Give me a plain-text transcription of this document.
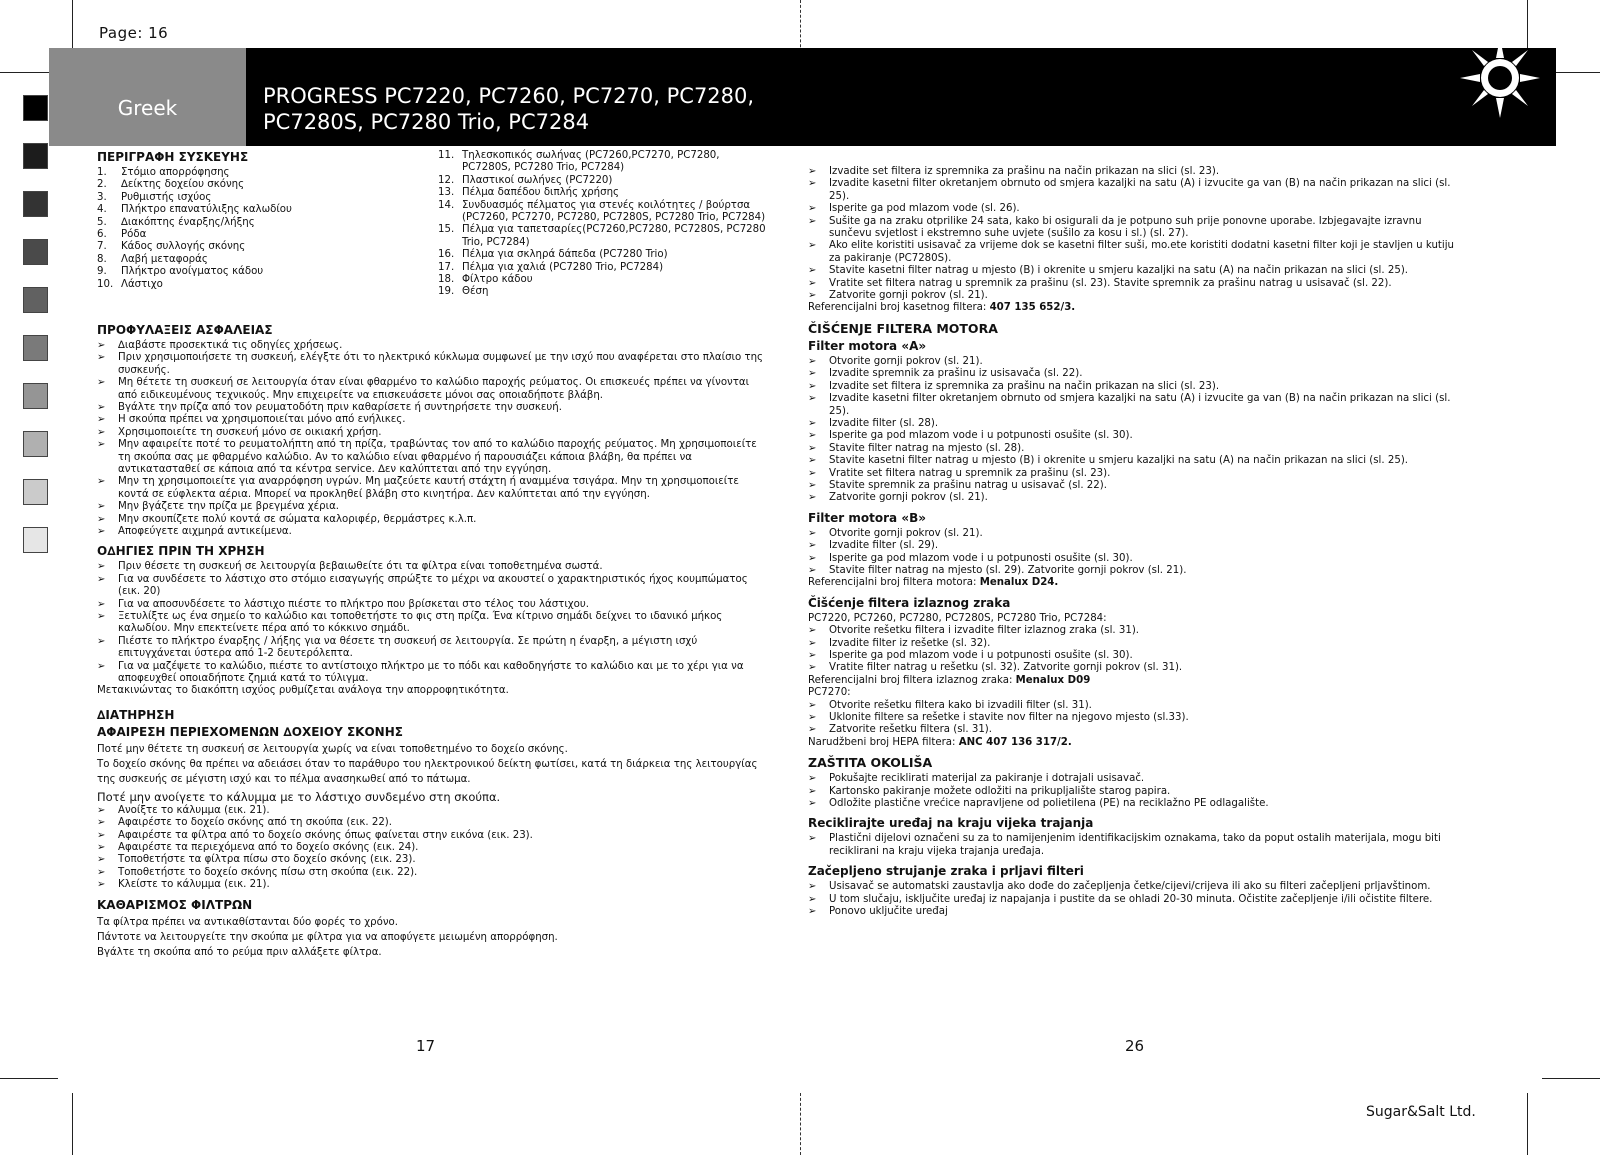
Page: 16
Greek	PROGRESS PC7220, PC7260, PC7270, PC7280,
PC7280S, PC7280 Trio, PC7284
ΠΕΡΙΓΡΑΦΗ ΣΥΣΚΕΥΗΣ
1. Στόμιο απορρόφησης
2. ∆είκτης δοχείου σκόνης
3. Ρυθμιστής ισχύος
4. Πλήκτρο επανατύλιξης καλωδίου
5. ∆ιακόπτης έναρξης/λήξης
6. Ρόδα
7. Κάδος συλλογής σκόνης
8. Λαβή μεταφοράς
9. Πλήκτρο ανοίγματος κάδου
10. Λάστιχο
11. Τηλεσκοπικός σωλήνας (PC7260,PC7270, PC7280, PC7280S, PC7280 Trio, PC7284)
12. Πλαστικοί σωλήνες (PC7220)
13. Πέλμα δαπέδου διπλής χρήσης
14. Συνδυασμός πέλματος για στενές κοιλότητες / βούρτσα (PC7260, PC7270, PC7280, PC7280S, PC7280 Trio, PC7284)
15. Πέλμα για ταπετσαρίες(PC7260,PC7280, PC7280S, PC7280 Trio, PC7284)
16. Πέλμα για σκληρά δάπεδα (PC7280 Trio)
17. Πέλμα για χαλιά (PC7280 Trio, PC7284)
18. Φίλτρο κάδου
19. Θέση
ΠΡΟΦΥΛΑΞΕΙΣ ΑΣΦΑΛΕΙΑΣ
➢ ∆ιαβάστε προσεκτικά τις οδηγίες χρήσεως.
➢ Πριν χρησιμοποιήσετε τη συσκευή, ελέγξτε ότι το ηλεκτρικό κύκλωμα συμφωνεί με την ισχύ που αναφέρεται στο πλαίσιο της συσκευής.
➢ Μη θέτετε τη συσκευή σε λειτουργία όταν είναι φθαρμένο το καλώδιο παροχής ρεύματος. Οι επισκευές πρέπει να γίνονται από ειδικευμένους τεχνικούς. Μην επιχειρείτε να επισκευάσετε μόνοι σας οποιαδήποτε βλάβη.
➢ Βγάλτε την πρίζα από τον ρευματοδότη πριν καθαρίσετε ή συντηρήσετε την συσκευή.
➢ Η σκούπα πρέπει να χρησιμοποιείται μόνο από ενήλικες.
➢ Χρησιμοποιείτε τη συσκευή μόνο σε οικιακή χρήση.
➢ Μην αφαιρείτε ποτέ το ρευματολήπτη από τη πρίζα, τραβώντας τον από το καλώδιο παροχής ρεύματος. Μη χρησιμοποιείτε τη σκούπα σας με φθαρμένο καλώδιο. Αν το καλώδιο είναι φθαρμένο ή παρουσιάζει κάποια βλάβη, θα πρέπει να αντικατασταθεί σε κάποια από τα κέντρα service. ∆εν καλύπτεται από την εγγύηση.
➢ Μην τη χρησιμοποιείτε για αναρρόφηση υγρών. Μη μαζεύετε καυτή στάχτη ή αναμμένα τσιγάρα. Μην τη χρησιμοποιείτε κοντά σε εύφλεκτα αέρια. Μπορεί να προκληθεί βλάβη στο κινητήρα. ∆εν καλύπτεται από την εγγύηση.
➢ Μην βγάζετε την πρίζα με βρεγμένα χέρια.
➢ Μην σκουπίζετε πολύ κοντά σε σώματα καλοριφέρ, θερμάστρες κ.λ.π.
➢ Αποφεύγετε αιχμηρά αντικείμενα.
Ο∆ΗΓΙΕΣ ΠΡΙΝ ΤΗ ΧΡΗΣΗ
➢ Πριν θέσετε τη συσκευή σε λειτουργία βεβαιωθείτε ότι τα φίλτρα είναι τοποθετημένα σωστά.
➢ Για να συνδέσετε το λάστιχο στο στόμιο εισαγωγής σπρώξτε το μέχρι να ακουστεί ο χαρακτηριστικός ήχος κουμπώματος (εικ. 20)
➢ Για να αποσυνδέσετε το λάστιχο πιέστε το πλήκτρο που βρίσκεται στο τέλος του λάστιχου.
➢ Ξετυλίξτε ως ένα σημείο το καλώδιο και τοποθετήστε το φις στη πρίζα. Ένα κίτρινο σημάδι δείχνει το ιδανικό μήκος καλωδίου. Μην επεκτείνετε πέρα από το κόκκινο σημάδι.
➢ Πιέστε το πλήκτρο έναρξης / λήξης για να θέσετε τη συσκευή σε λειτουργία. Σε πρώτη η έναρξη, a μέγιστη ισχύ επιτυγχάνεται ύστερα από 1-2 δευτερόλεπτα.
➢ Για να μαζέψετε το καλώδιο, πιέστε το αντίστοιχο πλήκτρο με το πόδι και καθοδηγήστε το καλώδιο και με το χέρι για να αποφευχθεί οποιαδήποτε ζημιά κατά το τύλιγμα.

Μετακινώντας το διακόπτη ισχύος ρυθμίζεται ανάλογα την απορροφητικότητα.

∆ΙΑΤΗΡΗΣΗ
ΑΦΑΙΡΕΣΗ ΠΕΡΙΕΧΟΜΕΝΩΝ ∆ΟΧΕΙΟΥ ΣΚΟΝΗΣ

Ποτέ μην θέτετε τη συσκευή σε λειτουργία χωρίς να είναι τοποθετημένο το δοχείο σκόνης.

Το δοχείο σκόνης θα πρέπει να αδειάσει όταν το παράθυρο του ηλεκτρονικού δείκτη φωτίσει, κατά τη διάρκεια της λειτουργίας της συσκευής σε μέγιστη ισχύ και το πέλμα ανασηκωθεί από το πάτωμα.

Ποτέ μην ανοίγετε το κάλυμμα με το λάστιχο συνδεμένο στη σκούπα.

➢ Ανοίξτε το κάλυμμα (εικ. 21).
➢ Αφαιρέστε το δοχείο σκόνης από τη σκούπα (εικ. 22).
➢ Αφαιρέστε τα φίλτρα από το δοχείο σκόνης όπως φαίνεται στην εικόνα (εικ. 23).
➢ Αφαιρέστε τα περιεχόμενα από το δοχείο σκόνης (εικ. 24).
➢ Τοποθετήστε τα φίλτρα πίσω στο δοχείο σκόνης (εικ. 23).
➢ Τοποθετήστε το δοχείο σκόνης πίσω στη σκούπα (εικ. 22).
➢ Κλείστε το κάλυμμα (εικ. 21).
ΚΑΘΑΡΙΣΜΟΣ ΦΙΛΤΡΩΝ

Τα φίλτρα πρέπει να αντικαθίστανται δύο φορές το χρόνο.

Πάντοτε να λειτουργείτε την σκούπα με φίλτρα για να αποφύγετε μειωμένη απορρόφηση.

Βγάλτε τη σκούπα από το ρεύμα πριν αλλάξετε φίλτρα.

➢ Izvadite set filtera iz spremnika za prašinu na način prikazan na slici (sl. 23).
➢ Izvadite kasetni filter okretanjem obrnuto od smjera kazaljki na satu (A) i izvucite ga van (B) na način prikazan na slici (sl. 25).
➢ Isperite ga pod mlazom vode (sl. 26).
➢ Sušite ga na zraku otprilike 24 sata, kako bi osigurali da je potpuno suh prije ponovne uporabe. Izbjegavajte izravnu sunčevu svjetlost i ekstremno suhe uvjete (sušilo za kosu i sl.) (sl. 27).
➢ Ako elite koristiti usisavač za vrijeme dok se kasetni filter suši, mo.ete koristiti dodatni kasetni filter koji je stavljen u kutiju za pakiranje (PC7280S).
➢ Stavite kasetni filter natrag u mjesto (B) i okrenite u smjeru kazaljki na satu (A) na način prikazan na slici (sl. 25).
➢ Vratite set filtera natrag u spremnik za prašinu (sl. 23). Stavite spremnik za prašinu natrag u usisavač (sl. 22).
➢ Zatvorite gornji pokrov (sl. 21).

Referencijalni broj kasetnog filtera: 407 135 652/3.

ČIŠĆENJE FILTERA MOTORA
Filter motora «A»
➢ Otvorite gornji pokrov (sl. 21).
➢ Izvadite spremnik za prašinu iz usisavača (sl. 22).
➢ Izvadite set filtera iz spremnika za prašinu na način prikazan na slici (sl. 23).
➢ Izvadite kasetni filter okretanjem obrnuto od smjera kazaljki na satu (A) i izvucite ga van (B) na način prikazan na slici (sl. 25).
➢ Izvadite filter (sl. 28).
➢ Isperite ga pod mlazom vode i u potpunosti osušite (sl. 30).
➢ Stavite filter natrag na mjesto (sl. 28).
➢ Stavite kasetni filter natrag u mjesto (B) i okrenite u smjeru kazaljki na satu (A) na način prikazan na slici (sl. 25).
➢ Vratite set filtera natrag u spremnik za prašinu (sl. 23).
➢ Stavite spremnik za prašinu natrag u usisavač (sl. 22).
➢ Zatvorite gornji pokrov (sl. 21).
Filter motora «B»
➢ Otvorite gornji pokrov (sl. 21).
➢ Izvadite filter (sl. 29).
➢ Isperite ga pod mlazom vode i u potpunosti osušite (sl. 30).
➢ Stavite filter natrag na mjesto (sl. 29). Zatvorite gornji pokrov (sl. 21).

Referencijalni broj filtera motora: Menalux D24.

Čišćenje filtera izlaznog zraka

PC7220, PC7260, PC7280, PC7280S, PC7280 Trio, PC7284:

➢ Otvorite rešetku filtera i izvadite filter izlaznog zraka (sl. 31).
➢ Izvadite filter iz rešetke (sl. 32).
➢ Isperite ga pod mlazom vode i u potpunosti osušite (sl. 30).
➢ Vratite filter natrag u rešetku (sl. 32). Zatvorite gornji pokrov (sl. 31).

Referencijalni broj filtera izlaznog zraka: Menalux D09

PC7270:

➢ Otvorite rešetku filtera kako bi izvadili filter (sl. 31).
➢ Uklonite filtere sa rešetke i stavite nov filter na njegovo mjesto (sl.33).
➢ Zatvorite rešetku filtera (sl. 31).

Narudžbeni broj HEPA filtera: ANC 407 136 317/2.

ZAŠTITA OKOLIŠA
➢ Pokušajte reciklirati materijal za pakiranje i dotrajali usisavač.
➢ Kartonsko pakiranje možete odložiti na prikupljalište starog papira.
➢ Odložite plastične vrećice napravljene od polietilena (PE) na reciklažno PE odlagalište.
Reciklirajte uređaj na kraju vijeka trajanja
➢ Plastični dijelovi označeni su za to namijenjenim identifikacijskim oznakama, tako da poput ostalih materijala, mogu biti reciklirani na kraju vijeka trajanja uređaja.
Začepljeno strujanje zraka i prljavi filteri
➢ Usisavač se automatski zaustavlja ako dođe do začepljenja četke/cijevi/crijeva ili ako su filteri začepljeni prljavštinom.
➢ U tom slučaju, isključite uređaj iz napajanja i pustite da se ohladi 20-30 minuta. Očistite začepljenje i/ili očistite filtere.
➢ Ponovo uključite uređaj
17	26
Sugar&Salt Ltd.
